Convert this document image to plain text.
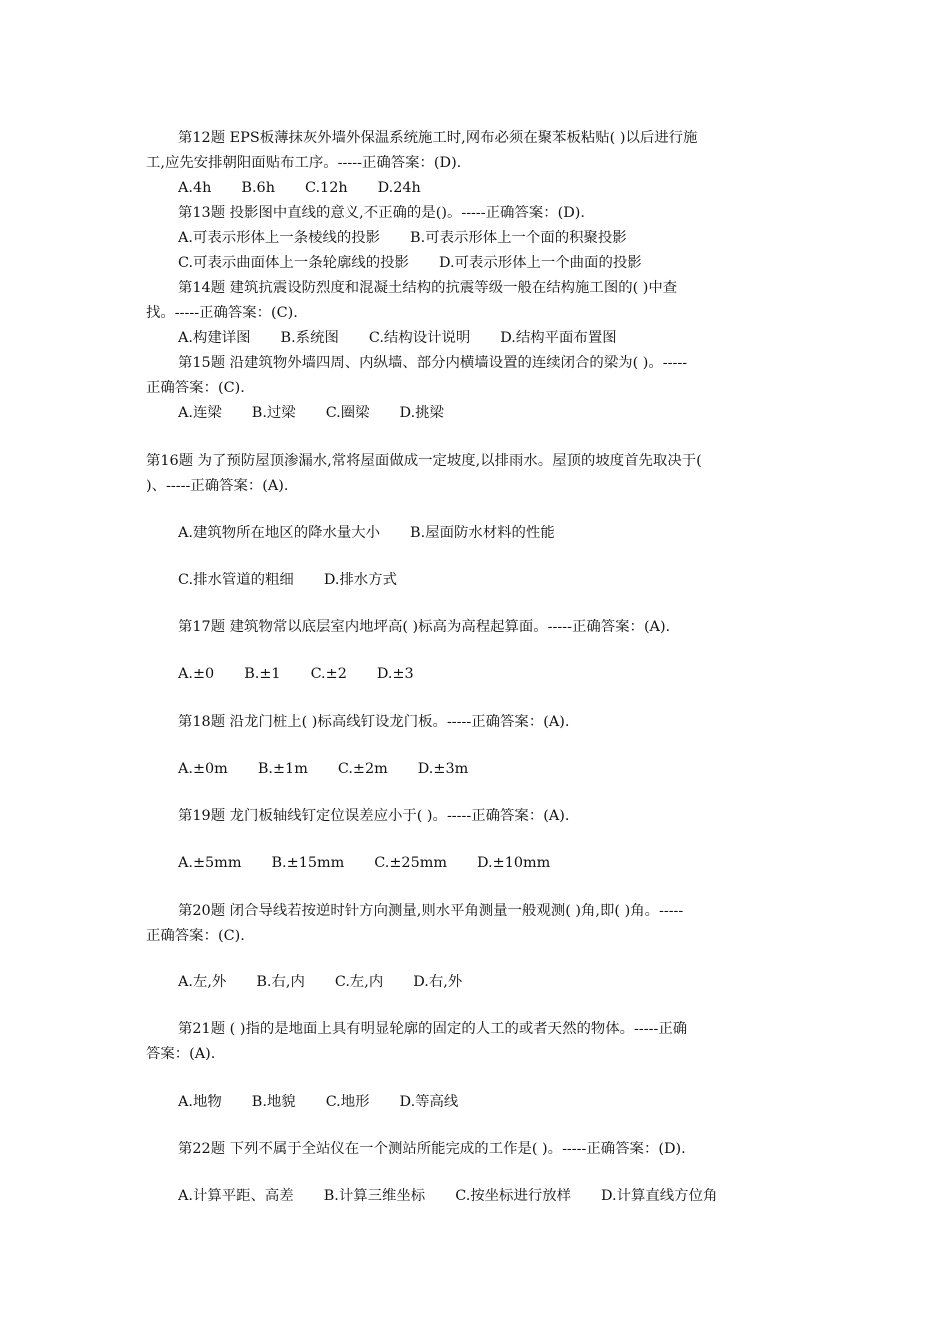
第12题 EPS板薄抹灰外墙外保温系统施工时,网布必须在聚苯板粘贴( )以后进行施
工,应先安排朝阳面贴布工序。-----正确答案：(D).
A.4h B.6h C.12h D.24h
第13题 投影图中直线的意义,不正确的是()。-----正确答案：(D).
A.可表示形体上一条棱线的投影 B.可表示形体上一个面的积聚投影
C.可表示曲面体上一条轮廓线的投影 D.可表示形体上一个曲面的投影
第14题 建筑抗震设防烈度和混凝土结构的抗震等级一般在结构施工图的( )中查
找。-----正确答案：(C).
A.构建详图 B.系统图 C.结构设计说明 D.结构平面布置图
第15题 沿建筑物外墙四周、内纵墙、部分内横墙设置的连续闭合的梁为( )。-----
正确答案：(C).
A.连梁 B.过梁 C.圈梁 D.挑梁
第16题 为了预防屋顶渗漏水,常将屋面做成一定坡度,以排雨水。屋顶的坡度首先取决于(
)、-----正确答案：(A).
A.建筑物所在地区的降水量大小 B.屋面防水材料的性能
C.排水管道的粗细 D.排水方式
第17题 建筑物常以底层室内地坪高( )标高为高程起算面。-----正确答案：(A).
A.±0 B.±1 C.±2 D.±3
第18题 沿龙门桩上( )标高线钉设龙门板。-----正确答案：(A).
A.±0m B.±1m C.±2m D.±3m
第19题 龙门板轴线钉定位误差应小于( )。-----正确答案：(A).
A.±5mm B.±15mm C.±25mm D.±10mm
第20题 闭合导线若按逆时针方向测量,则水平角测量一般观测( )角,即( )角。-----
正确答案：(C).
A.左,外 B.右,内 C.左,内 D.右,外
第21题 ( )指的是地面上具有明显轮廓的固定的人工的或者天然的物体。-----正确
答案：(A).
A.地物 B.地貌 C.地形 D.等高线
第22题 下列不属于全站仪在一个测站所能完成的工作是( )。-----正确答案：(D).
A.计算平距、高差 B.计算三维坐标 C.按坐标进行放样 D.计算直线方位角
